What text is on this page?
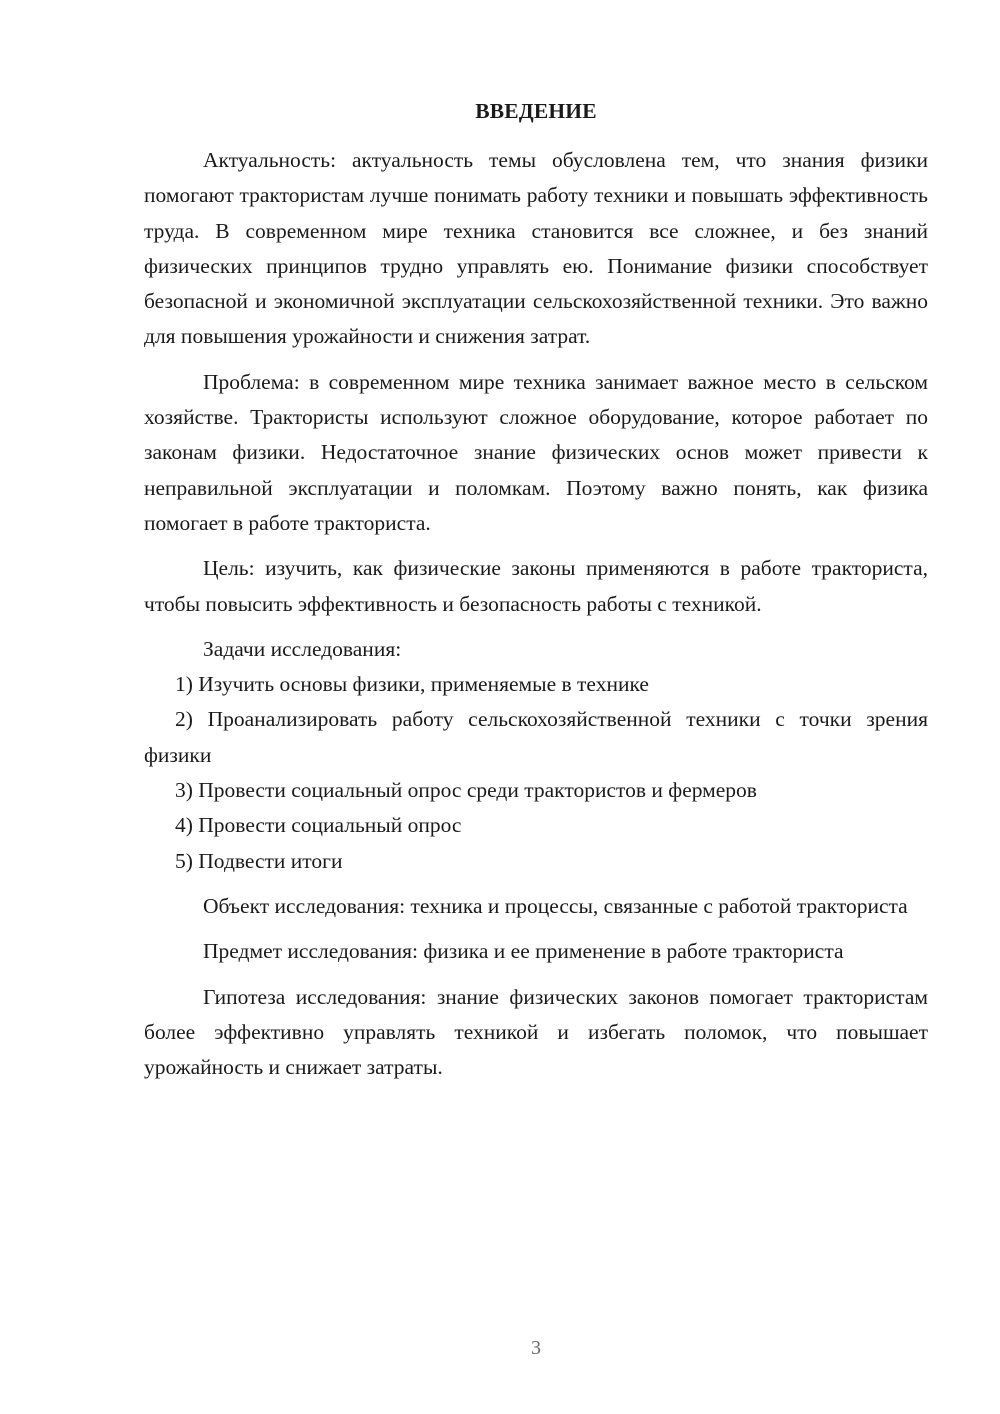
ВВЕДЕНИЕ

Актуальность: актуальность темы обусловлена тем, что знания физики помогают трактористам лучше понимать работу техники и повышать эффективность труда. В современном мире техника становится все сложнее, и без знаний физических принципов трудно управлять ею. Понимание физики способствует безопасной и экономичной эксплуатации сельскохозяйственной техники. Это важно для повышения урожайности и снижения затрат.

Проблема: в современном мире техника занимает важное место в сельском хозяйстве. Трактористы используют сложное оборудование, которое работает по законам физики. Недостаточное знание физических основ может привести к неправильной эксплуатации и поломкам. Поэтому важно понять, как физика помогает в работе тракториста.

Цель: изучить, как физические законы применяются в работе тракториста, чтобы повысить эффективность и безопасность работы с техникой.

Задачи исследования:

1) Изучить основы физики, применяемые в технике

2) Проанализировать работу сельскохозяйственной техники с точки зрения физики

3) Провести социальный опрос среди трактористов и фермеров

4) Провести социальный опрос

5) Подвести итоги

Объект исследования: техника и процессы, связанные с работой тракториста

Предмет исследования: физика и ее применение в работе тракториста

Гипотеза исследования: знание физических законов помогает трактористам более эффективно управлять техникой и избегать поломок, что повышает урожайность и снижает затраты.

3
